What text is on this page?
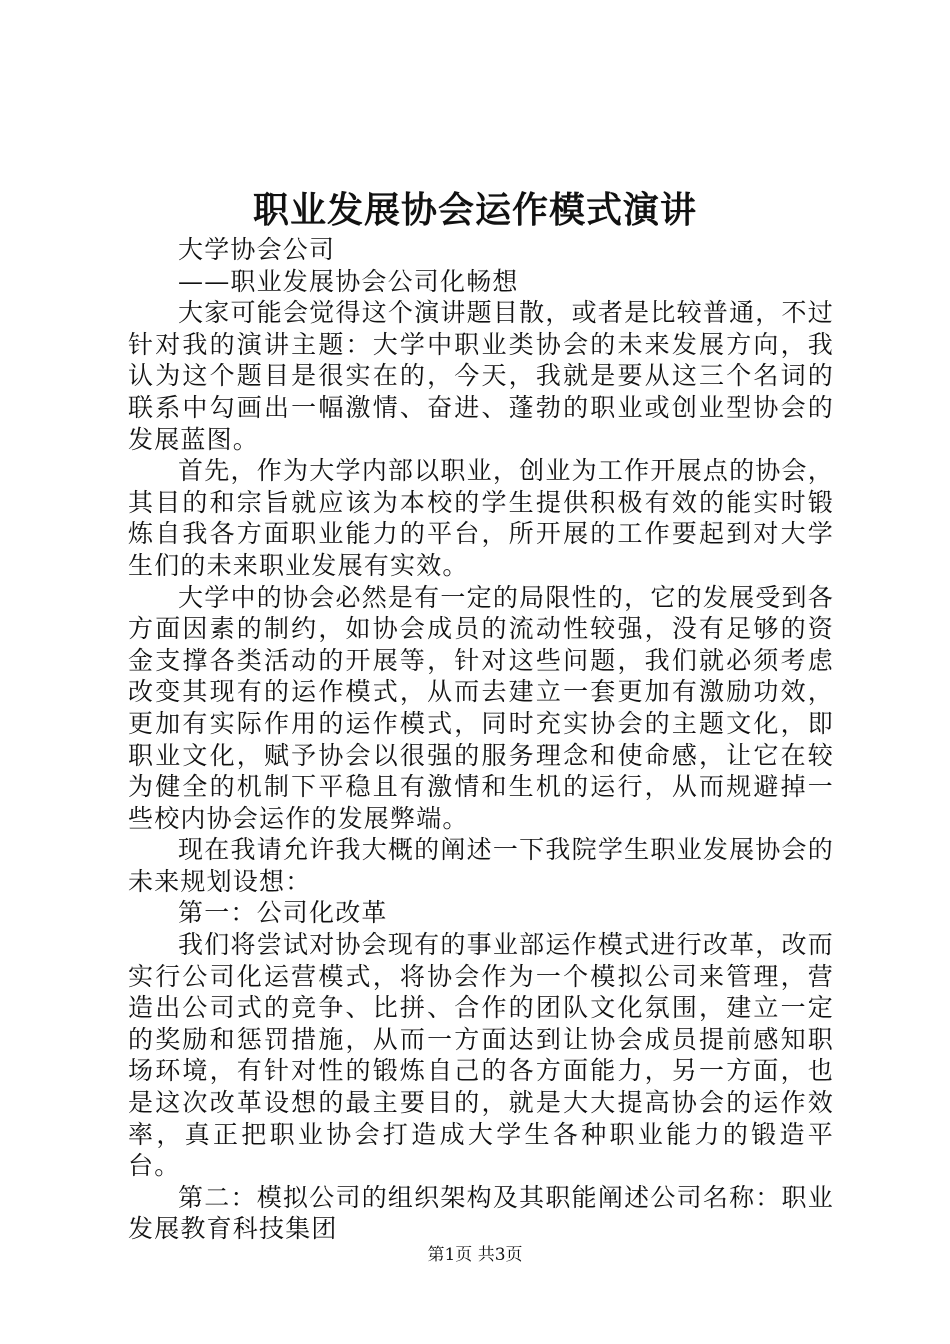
职业发展协会运作模式演讲

大学协会公司

——职业发展协会公司化畅想

大家可能会觉得这个演讲题目散，或者是比较普通，不过针对我的演讲主题：大学中职业类协会的未来发展方向，我认为这个题目是很实在的，今天，我就是要从这三个名词的联系中勾画出一幅激情、奋进、蓬勃的职业或创业型协会的发展蓝图。

首先，作为大学内部以职业，创业为工作开展点的协会，其目的和宗旨就应该为本校的学生提供积极有效的能实时锻炼自我各方面职业能力的平台，所开展的工作要起到对大学生们的未来职业发展有实效。

大学中的协会必然是有一定的局限性的，它的发展受到各方面因素的制约，如协会成员的流动性较强，没有足够的资金支撑各类活动的开展等，针对这些问题，我们就必须考虑改变其现有的运作模式，从而去建立一套更加有激励功效，更加有实际作用的运作模式，同时充实协会的主题文化，即职业文化，赋予协会以很强的服务理念和使命感，让它在较为健全的机制下平稳且有激情和生机的运行，从而规避掉一些校内协会运作的发展弊端。

现在我请允许我大概的阐述一下我院学生职业发展协会的未来规划设想：

第一：公司化改革

我们将尝试对协会现有的事业部运作模式进行改革，改而实行公司化运营模式，将协会作为一个模拟公司来管理，营造出公司式的竞争、比拼、合作的团队文化氛围，建立一定的奖励和惩罚措施，从而一方面达到让协会成员提前感知职场环境，有针对性的锻炼自己的各方面能力，另一方面，也是这次改革设想的最主要目的，就是大大提高协会的运作效率，真正把职业协会打造成大学生各种职业能力的锻造平台。

第二：模拟公司的组织架构及其职能阐述公司名称：职业发展教育科技集团

第1页 共3页
